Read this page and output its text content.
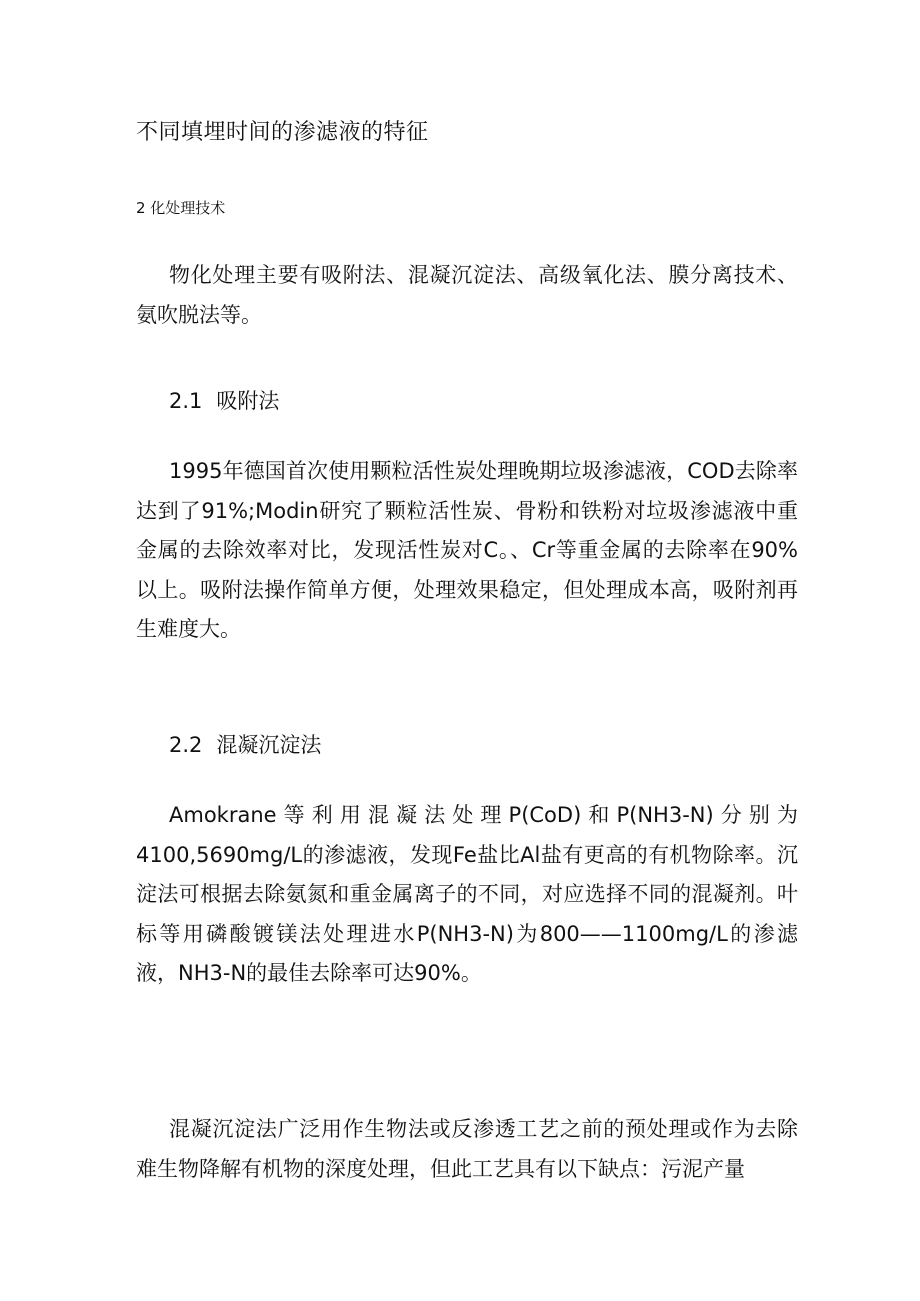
不同填埋时间的渗滤液的特征
2 化处理技术

物化处理主要有吸附法、混凝沉淀法、高级氧化法、膜分离技术、氨吹脱法等。

2.1 吸附法

1995年德国首次使用颗粒活性炭处理晚期垃圾渗滤液，COD去除率达到了91%;Modin研究了颗粒活性炭、骨粉和铁粉对垃圾渗滤液中重金属的去除效率对比，发现活性炭对C。、Cr等重金属的去除率在90%以上。吸附法操作简单方便，处理效果稳定，但处理成本高，吸附剂再生难度大。

2.2 混凝沉淀法

Amokrane等利用混凝法处理P(CoD)和P(NH3-N)分别为4100,5690mg∕L的渗滤液，发现Fe盐比Al盐有更高的有机物除率。沉淀法可根据去除氨氮和重金属离子的不同，对应选择不同的混凝剂。叶标等用磷酸镀镁法处理进水P(NH3-N)为800——1100mg∕L的渗滤液，NH3-N的最佳去除率可达90%。

混凝沉淀法广泛用作生物法或反渗透工艺之前的预处理或作为去除难生物降解有机物的深度处理，但此工艺具有以下缺点：污泥产量
